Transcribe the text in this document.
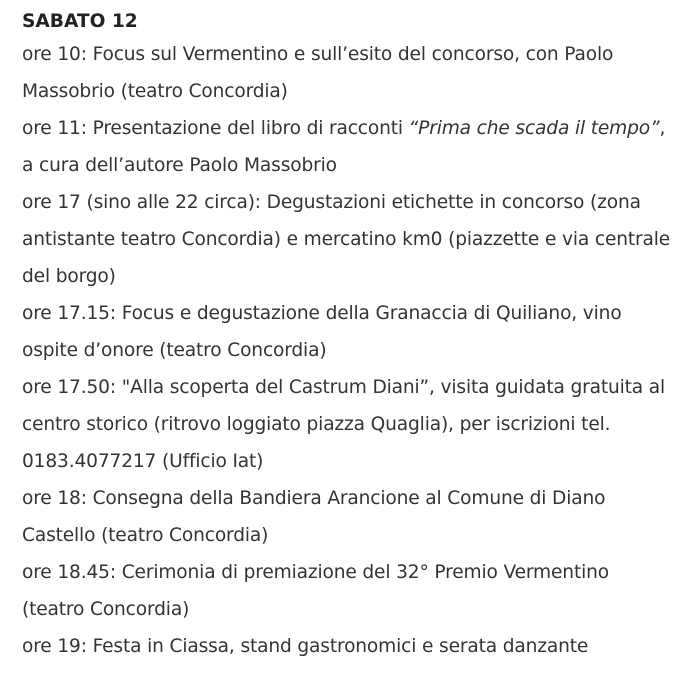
SABATO 12

ore 10: Focus sul Vermentino e sull’esito del concorso, con Paolo Massobrio (teatro Concordia)

ore 11: Presentazione del libro di racconti “Prima che scada il tempo”, a cura dell’autore Paolo Massobrio

ore 17 (sino alle 22 circa): Degustazioni etichette in concorso (zona antistante teatro Concordia) e mercatino km0 (piazzette e via centrale del borgo)

ore 17.15: Focus e degustazione della Granaccia di Quiliano, vino ospite d’onore (teatro Concordia)

ore 17.50: "Alla scoperta del Castrum Diani”, visita guidata gratuita al centro storico (ritrovo loggiato piazza Quaglia), per iscrizioni tel. 0183.4077217 (Ufficio Iat)

ore 18: Consegna della Bandiera Arancione al Comune di Diano Castello (teatro Concordia)

ore 18.45: Cerimonia di premiazione del 32° Premio Vermentino (teatro Concordia)

ore 19: Festa in Ciassa, stand gastronomici e serata danzante
